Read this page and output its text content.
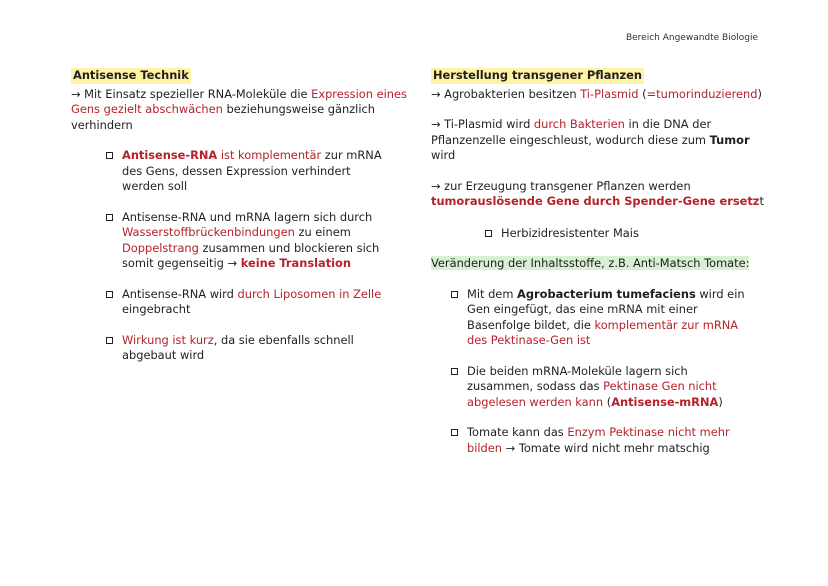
Bereich Angewandte Biologie
Antisense Technik

→ Mit Einsatz spezieller RNA-Moleküle die Expression eines Gens gezielt abschwächen beziehungsweise gänzlich verhindern

Antisense-RNA ist komplementär zur mRNA des Gens, dessen Expression verhindert werden soll
Antisense-RNA und mRNA lagern sich durch Wasserstoffbrückenbindungen zu einem Doppelstrang zusammen und blockieren sich somit gegenseitig → keine Translation
Antisense-RNA wird durch Liposomen in Zelle eingebracht
Wirkung ist kurz, da sie ebenfalls schnell abgebaut wird
Herstellung transgener Pflanzen

→ Agrobakterien besitzen Ti-Plasmid (=tumorinduzierend)

→ Ti-Plasmid wird durch Bakterien in die DNA der Pflanzenzelle eingeschleust, wodurch diese zum Tumor wird

→ zur Erzeugung transgener Pflanzen werden tumorauslösende Gene durch Spender-Gene ersetzt

Herbizidresistenter Mais
Veränderung der Inhaltsstoffe, z.B. Anti-Matsch Tomate:
Mit dem Agrobacterium tumefaciens wird ein Gen eingefügt, das eine mRNA mit einer Basenfolge bildet, die komplementär zur mRNA des Pektinase-Gen ist
Die beiden mRNA-Moleküle lagern sich zusammen, sodass das Pektinase Gen nicht abgelesen werden kann (Antisense-mRNA)
Tomate kann das Enzym Pektinase nicht mehr bilden → Tomate wird nicht mehr matschig
